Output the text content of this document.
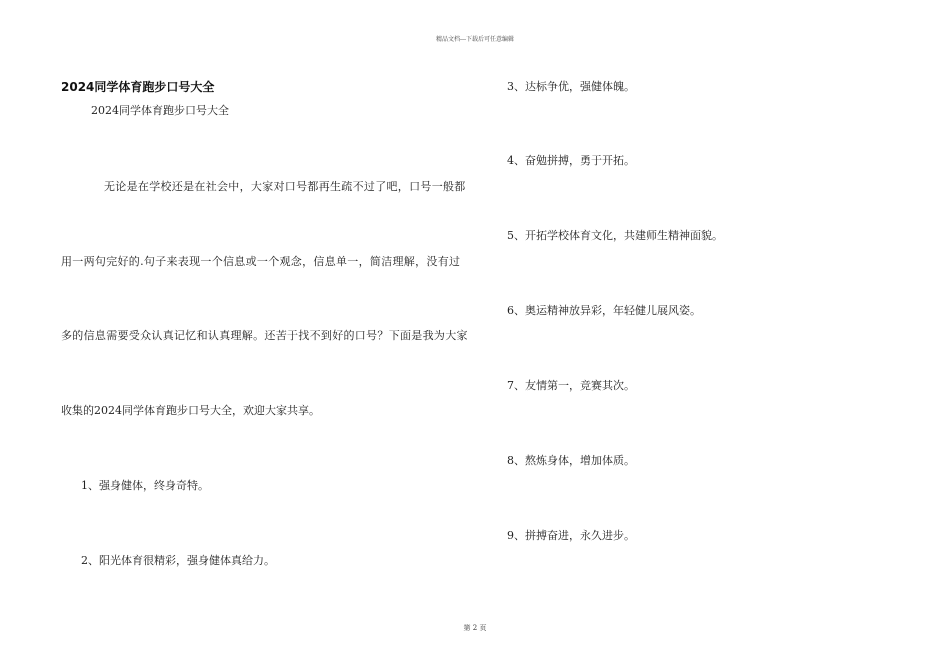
精品文档---下载后可任意编辑
2024同学体育跑步口号大全
2024同学体育跑步口号大全
无论是在学校还是在社会中，大家对口号都再生疏不过了吧，口号一般都
用一两句完好的.句子来表现一个信息或一个观念，信息单一，简洁理解，没有过
多的信息需要受众认真记忆和认真理解。还苦于找不到好的口号？下面是我为大家
收集的2024同学体育跑步口号大全，欢迎大家共享。
1、强身健体，终身奇特。
2、阳光体育很精彩，强身健体真给力。
3、达标争优，强健体魄。
4、奋勉拼搏，勇于开拓。
5、开拓学校体育文化，共建师生精神面貌。
6、奥运精神放异彩，年轻健儿展风姿。
7、友情第一，竞赛其次。
8、熬炼身体，增加体质。
9、拼搏奋进，永久进步。
第 2 页
